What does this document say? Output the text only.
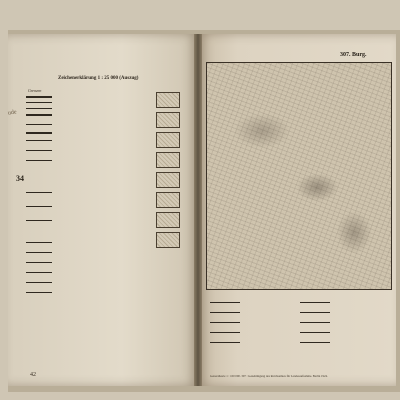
ude
Zeichenerklärung 1 : 25 000 (Auszug)
Grenzen
34
42
307. Burg.
Generalkarte 1 : 100 000. 307 : Genehmigung des Reichsamtes für Landesaufnahme. Berlin 1924.
